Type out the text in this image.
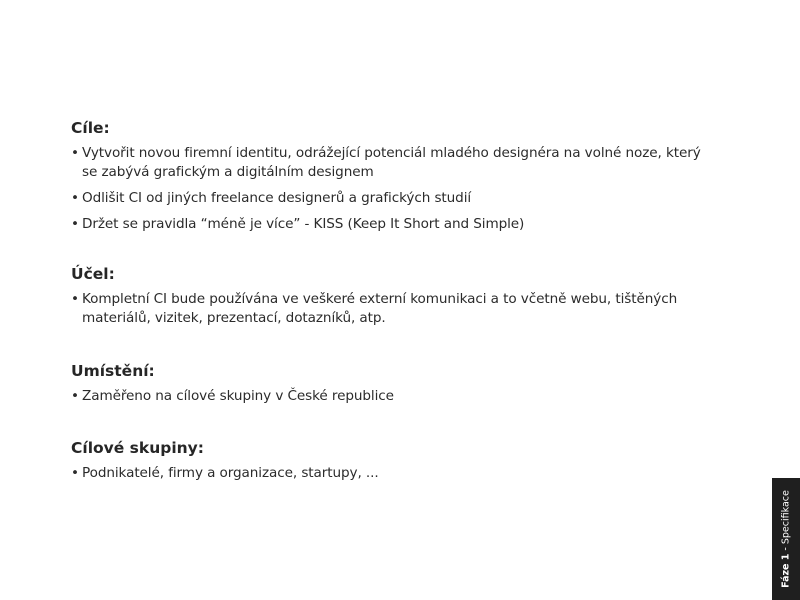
Cíle:
• Vytvořit novou firemní identitu, odrážející potenciál mladého designéra na volné noze, který se zabývá grafickým a digitálním designem
• Odlišit CI od jiných freelance designerů a grafických studií
• Držet se pravidla “méně je více” - KISS (Keep It Short and Simple)
Účel:
• Kompletní CI bude používána ve veškeré externí komunikaci a to včetně webu, tištěných materiálů, vizitek, prezentací, dotazníků, atp.
Umístění:
• Zaměřeno na cílové skupiny v České republice
Cílové skupiny:
• Podnikatelé, firmy a organizace, startupy, ...
Fáze 1 - Specifikace
